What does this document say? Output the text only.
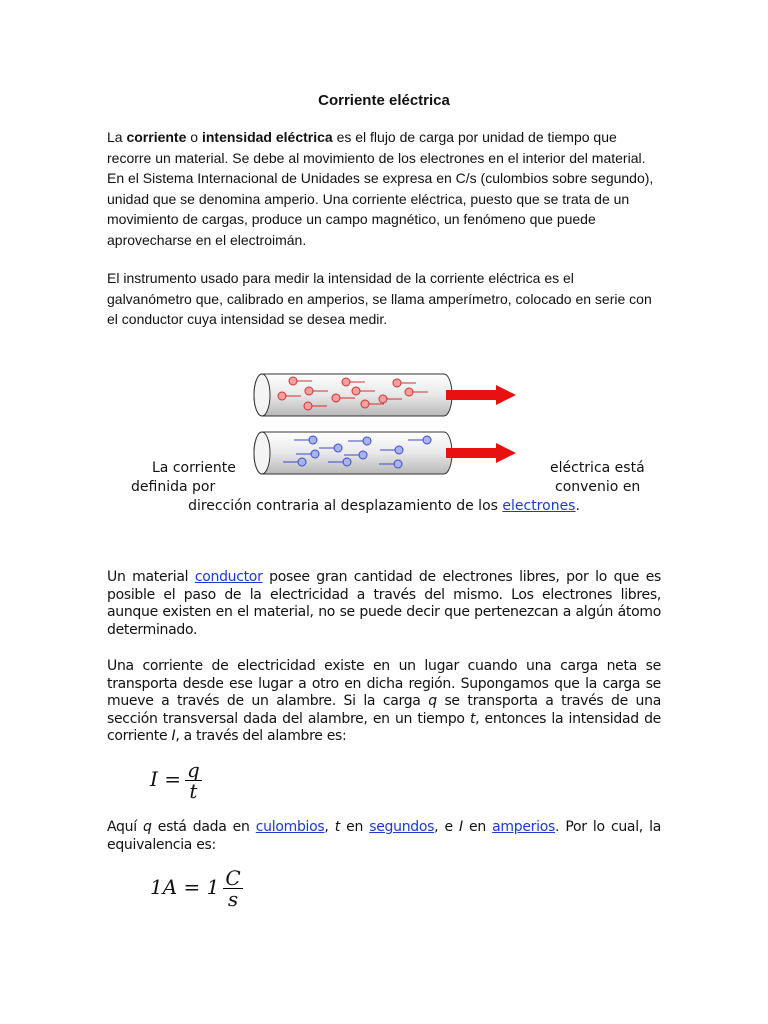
Corriente eléctrica

La corriente o intensidad eléctrica es el flujo de carga por unidad de tiempo que recorre un material. Se debe al movimiento de los electrones en el interior del material. En el Sistema Internacional de Unidades se expresa en C/s (culombios sobre segundo), unidad que se denomina amperio. Una corriente eléctrica, puesto que se trata de un movimiento de cargas, produce un campo magnético, un fenómeno que puede aprovecharse en el electroimán.

El instrumento usado para medir la intensidad de la corriente eléctrica es el galvanómetro que, calibrado en amperios, se llama amperímetro, colocado en serie con el conductor cuya intensidad se desea medir.

La corriente
definida por
eléctrica está
convenio en
dirección contraria al desplazamiento de los electrones.

Un material conductor posee gran cantidad de electrones libres, por lo que es posible el paso de la electricidad a través del mismo. Los electrones libres, aunque existen en el material, no se puede decir que pertenezcan a algún átomo determinado.

Una corriente de electricidad existe en un lugar cuando una carga neta se transporta desde ese lugar a otro en dicha región. Supongamos que la carga se mueve a través de un alambre. Si la carga q se transporta a través de una sección transversal dada del alambre, en un tiempo t, entonces la intensidad de corriente I, a través del alambre es:

$I = \frac{q}{t}$

Aquí q está dada en culombios, t en segundos, e I en amperios. Por lo cual, la equivalencia es:

$1A = 1 \frac{C}{s}$
